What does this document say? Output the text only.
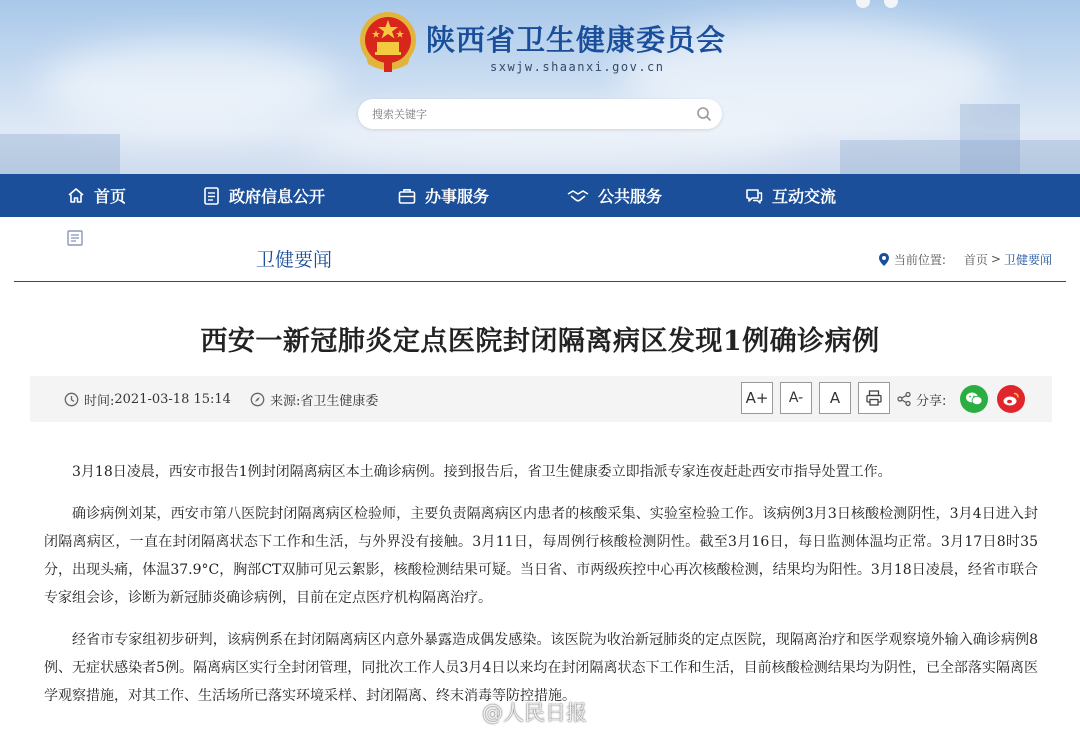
陕西省卫生健康委员会
sxwjw.shaanxi.gov.cn
搜索关键字
首页	政府信息公开	办事服务	公共服务	互动交流
卫健要闻	当前位置: 首页 > 卫健要闻
西安一新冠肺炎定点医院封闭隔离病区发现1例确诊病例
时间: 2021-03-18 15:14	来源: 省卫生健康委	A+ A- A	分享:

3月18日凌晨，西安市报告1例封闭隔离病区本土确诊病例。接到报告后，省卫生健康委立即指派专家连夜赶赴西安市指导处置工作。

确诊病例刘某，西安市第八医院封闭隔离病区检验师，主要负责隔离病区内患者的核酸采集、实验室检验工作。该病例3月3日核酸检测阴性，3月4日进入封闭隔离病区，一直在封闭隔离状态下工作和生活，与外界没有接触。3月11日，每周例行核酸检测阴性。截至3月16日，每日监测体温均正常。3月17日8时35分，出现头痛，体温37.9°C，胸部CT双肺可见云絮影，核酸检测结果可疑。当日省、市两级疾控中心再次核酸检测，结果均为阳性。3月18日凌晨，经省市联合专家组会诊，诊断为新冠肺炎确诊病例，目前在定点医疗机构隔离治疗。

经省市专家组初步研判，该病例系在封闭隔离病区内意外暴露造成偶发感染。该医院为收治新冠肺炎的定点医院，现隔离治疗和医学观察境外输入确诊病例8例、无症状感染者5例。隔离病区实行全封闭管理，同批次工作人员3月4日以来均在封闭隔离状态下工作和生活，目前核酸检测结果均为阴性，已全部落实隔离医学观察措施，对其工作、生活场所已落实环境采样、封闭隔离、终末消毒等防控措施。

@人民日报
